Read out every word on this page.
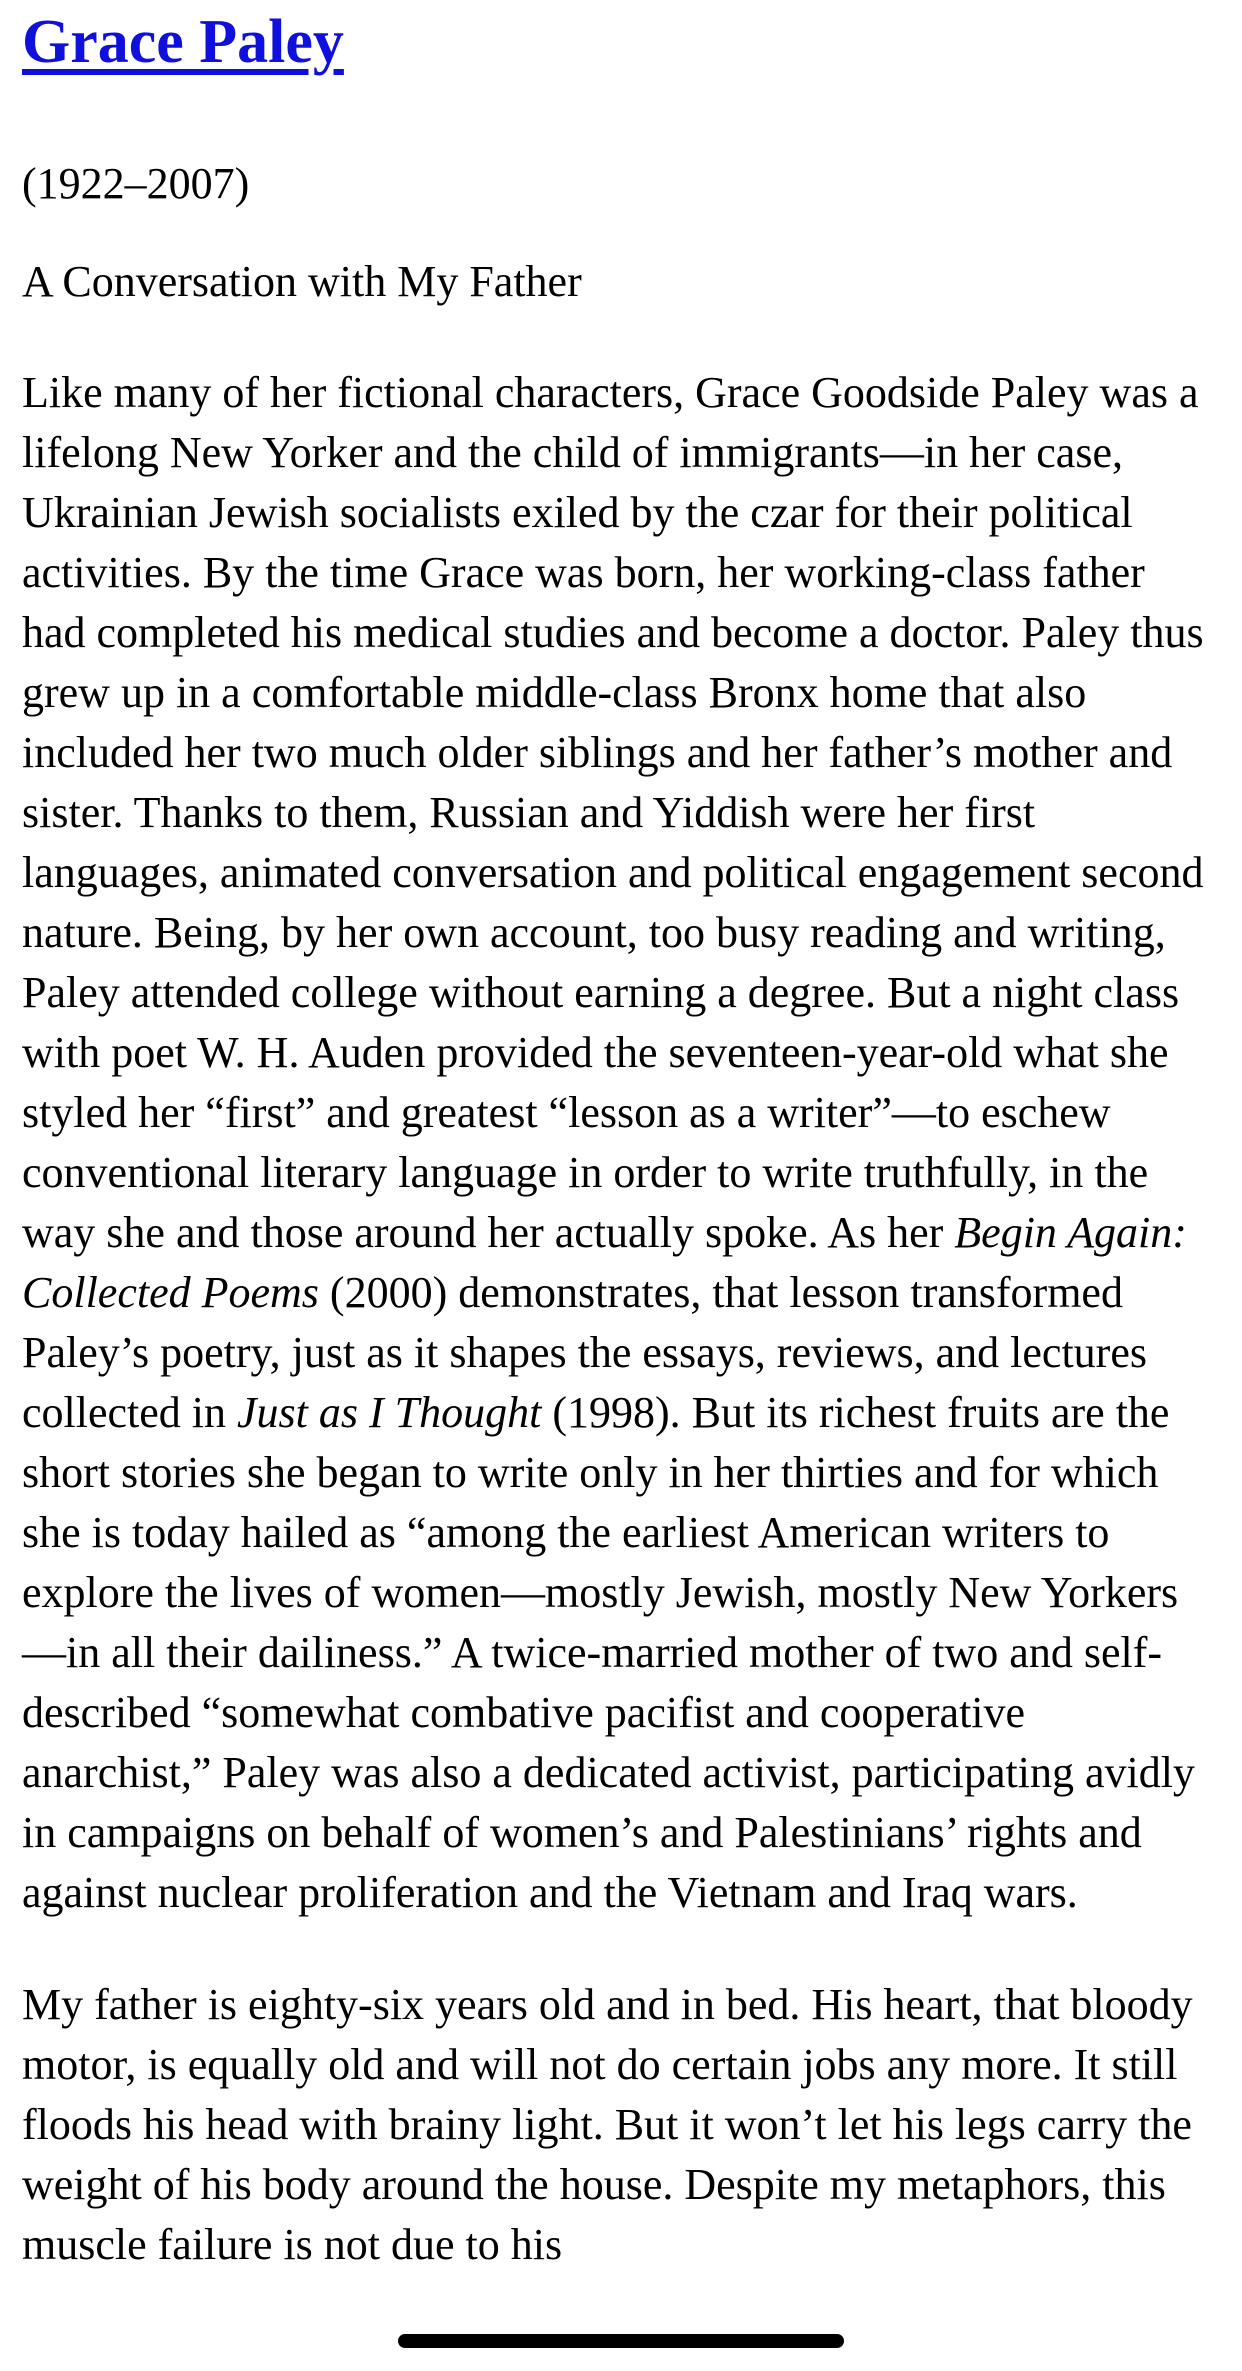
Grace Paley

(1922–2007)

A Conversation with My Father

Like many of her fictional characters, Grace Goodside Paley was a lifelong New Yorker and the child of immigrants—in her case, Ukrainian Jewish socialists exiled by the czar for their political activities. By the time Grace was born, her working-class father had completed his medical studies and become a doctor. Paley thus grew up in a comfortable middle-class Bronx home that also included her two much older siblings and her father’s mother and sister. Thanks to them, Russian and Yiddish were her first languages, animated conversation and political engagement second nature. Being, by her own account, too busy reading and writing, Paley attended college without earning a degree. But a night class with poet W. H. Auden provided the seventeen-year-old what she styled her “first” and greatest “lesson as a writer”—to eschew conventional literary language in order to write truthfully, in the way she and those around her actually spoke. As her Begin Again: Collected Poems (2000) demonstrates, that lesson transformed Paley’s poetry, just as it shapes the essays, reviews, and lectures collected in Just as I Thought (1998). But its richest fruits are the short stories she began to write only in her thirties and for which she is today hailed as “among the earliest American writers to explore the lives of women—mostly Jewish, mostly New Yorkers—in all their dailiness.” A twice-married mother of two and self-described “somewhat combative pacifist and cooperative anarchist,” Paley was also a dedicated activist, participating avidly in campaigns on behalf of women’s and Palestinians’ rights and against nuclear proliferation and the Vietnam and Iraq wars.

My father is eighty-six years old and in bed. His heart, that bloody motor, is equally old and will not do certain jobs any more. It still floods his head with brainy light. But it won’t let his legs carry the weight of his body around the house. Despite my metaphors, this muscle failure is not due to his
